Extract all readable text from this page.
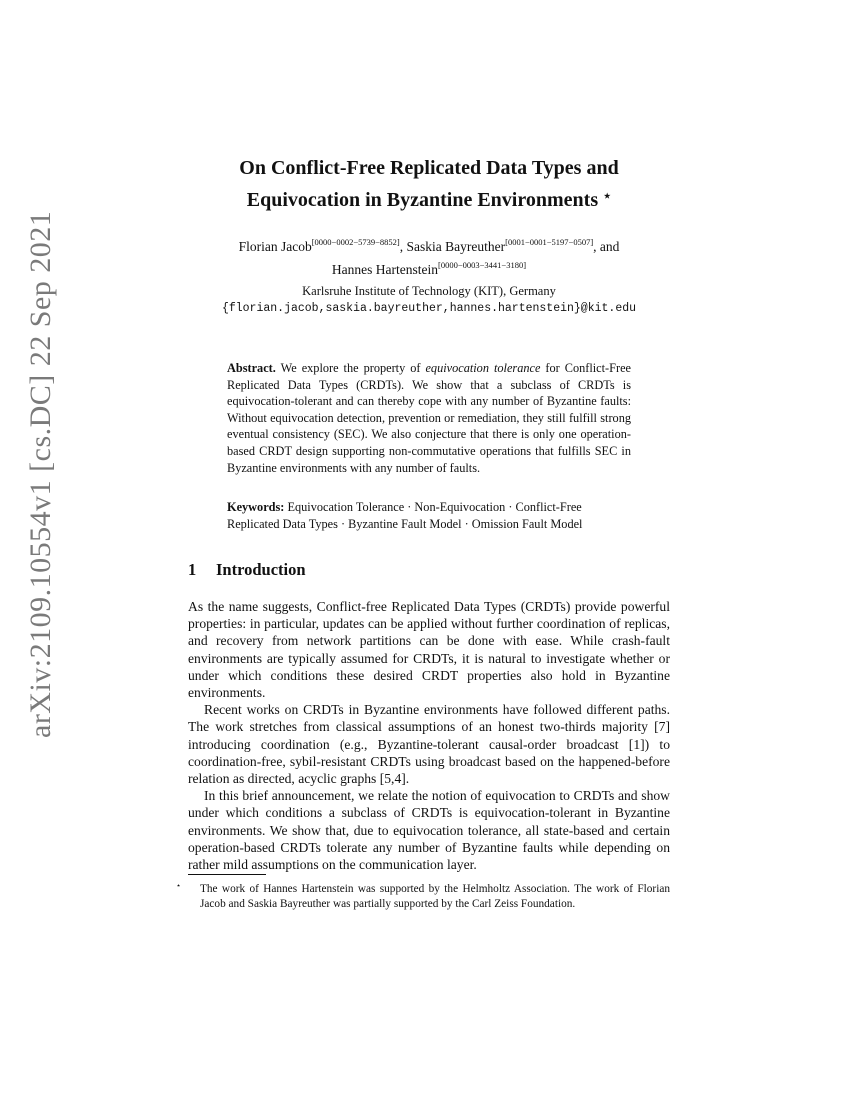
arXiv:2109.10554v1 [cs.DC] 22 Sep 2021
On Conflict-Free Replicated Data Types and
Equivocation in Byzantine Environments ⋆
Florian Jacob[0000−0002−5739−8852], Saskia Bayreuther[0001−0001−5197−0507], and
Hannes Hartenstein[0000−0003−3441−3180]
Karlsruhe Institute of Technology (KIT), Germany
{florian.jacob,saskia.bayreuther,hannes.hartenstein}@kit.edu
Abstract. We explore the property of equivocation tolerance for Conflict-Free Replicated Data Types (CRDTs). We show that a subclass of CRDTs is equivocation-tolerant and can thereby cope with any number of Byzantine faults: Without equivocation detection, prevention or remediation, they still fulfill strong eventual consistency (SEC). We also conjecture that there is only one operation-based CRDT design supporting non-commutative operations that fulfills SEC in Byzantine environments with any number of faults.
Keywords: Equivocation Tolerance · Non-Equivocation · Conflict-Free Replicated Data Types · Byzantine Fault Model · Omission Fault Model
1 Introduction

As the name suggests, Conflict-free Replicated Data Types (CRDTs) provide powerful properties: in particular, updates can be applied without further coordination of replicas, and recovery from network partitions can be done with ease. While crash-fault environments are typically assumed for CRDTs, it is natural to investigate whether or under which conditions these desired CRDT properties also hold in Byzantine environments.

Recent works on CRDTs in Byzantine environments have followed different paths. The work stretches from classical assumptions of an honest two-thirds majority [7] introducing coordination (e.g., Byzantine-tolerant causal-order broadcast [1]) to coordination-free, sybil-resistant CRDTs using broadcast based on the happened-before relation as directed, acyclic graphs [5,4].

In this brief announcement, we relate the notion of equivocation to CRDTs and show under which conditions a subclass of CRDTs is equivocation-tolerant in Byzantine environments. We show that, due to equivocation tolerance, all state-based and certain operation-based CRDTs tolerate any number of Byzantine faults while depending on rather mild assumptions on the communication layer.

⋆ The work of Hannes Hartenstein was supported by the Helmholtz Association. The work of Florian Jacob and Saskia Bayreuther was partially supported by the Carl Zeiss Foundation.
